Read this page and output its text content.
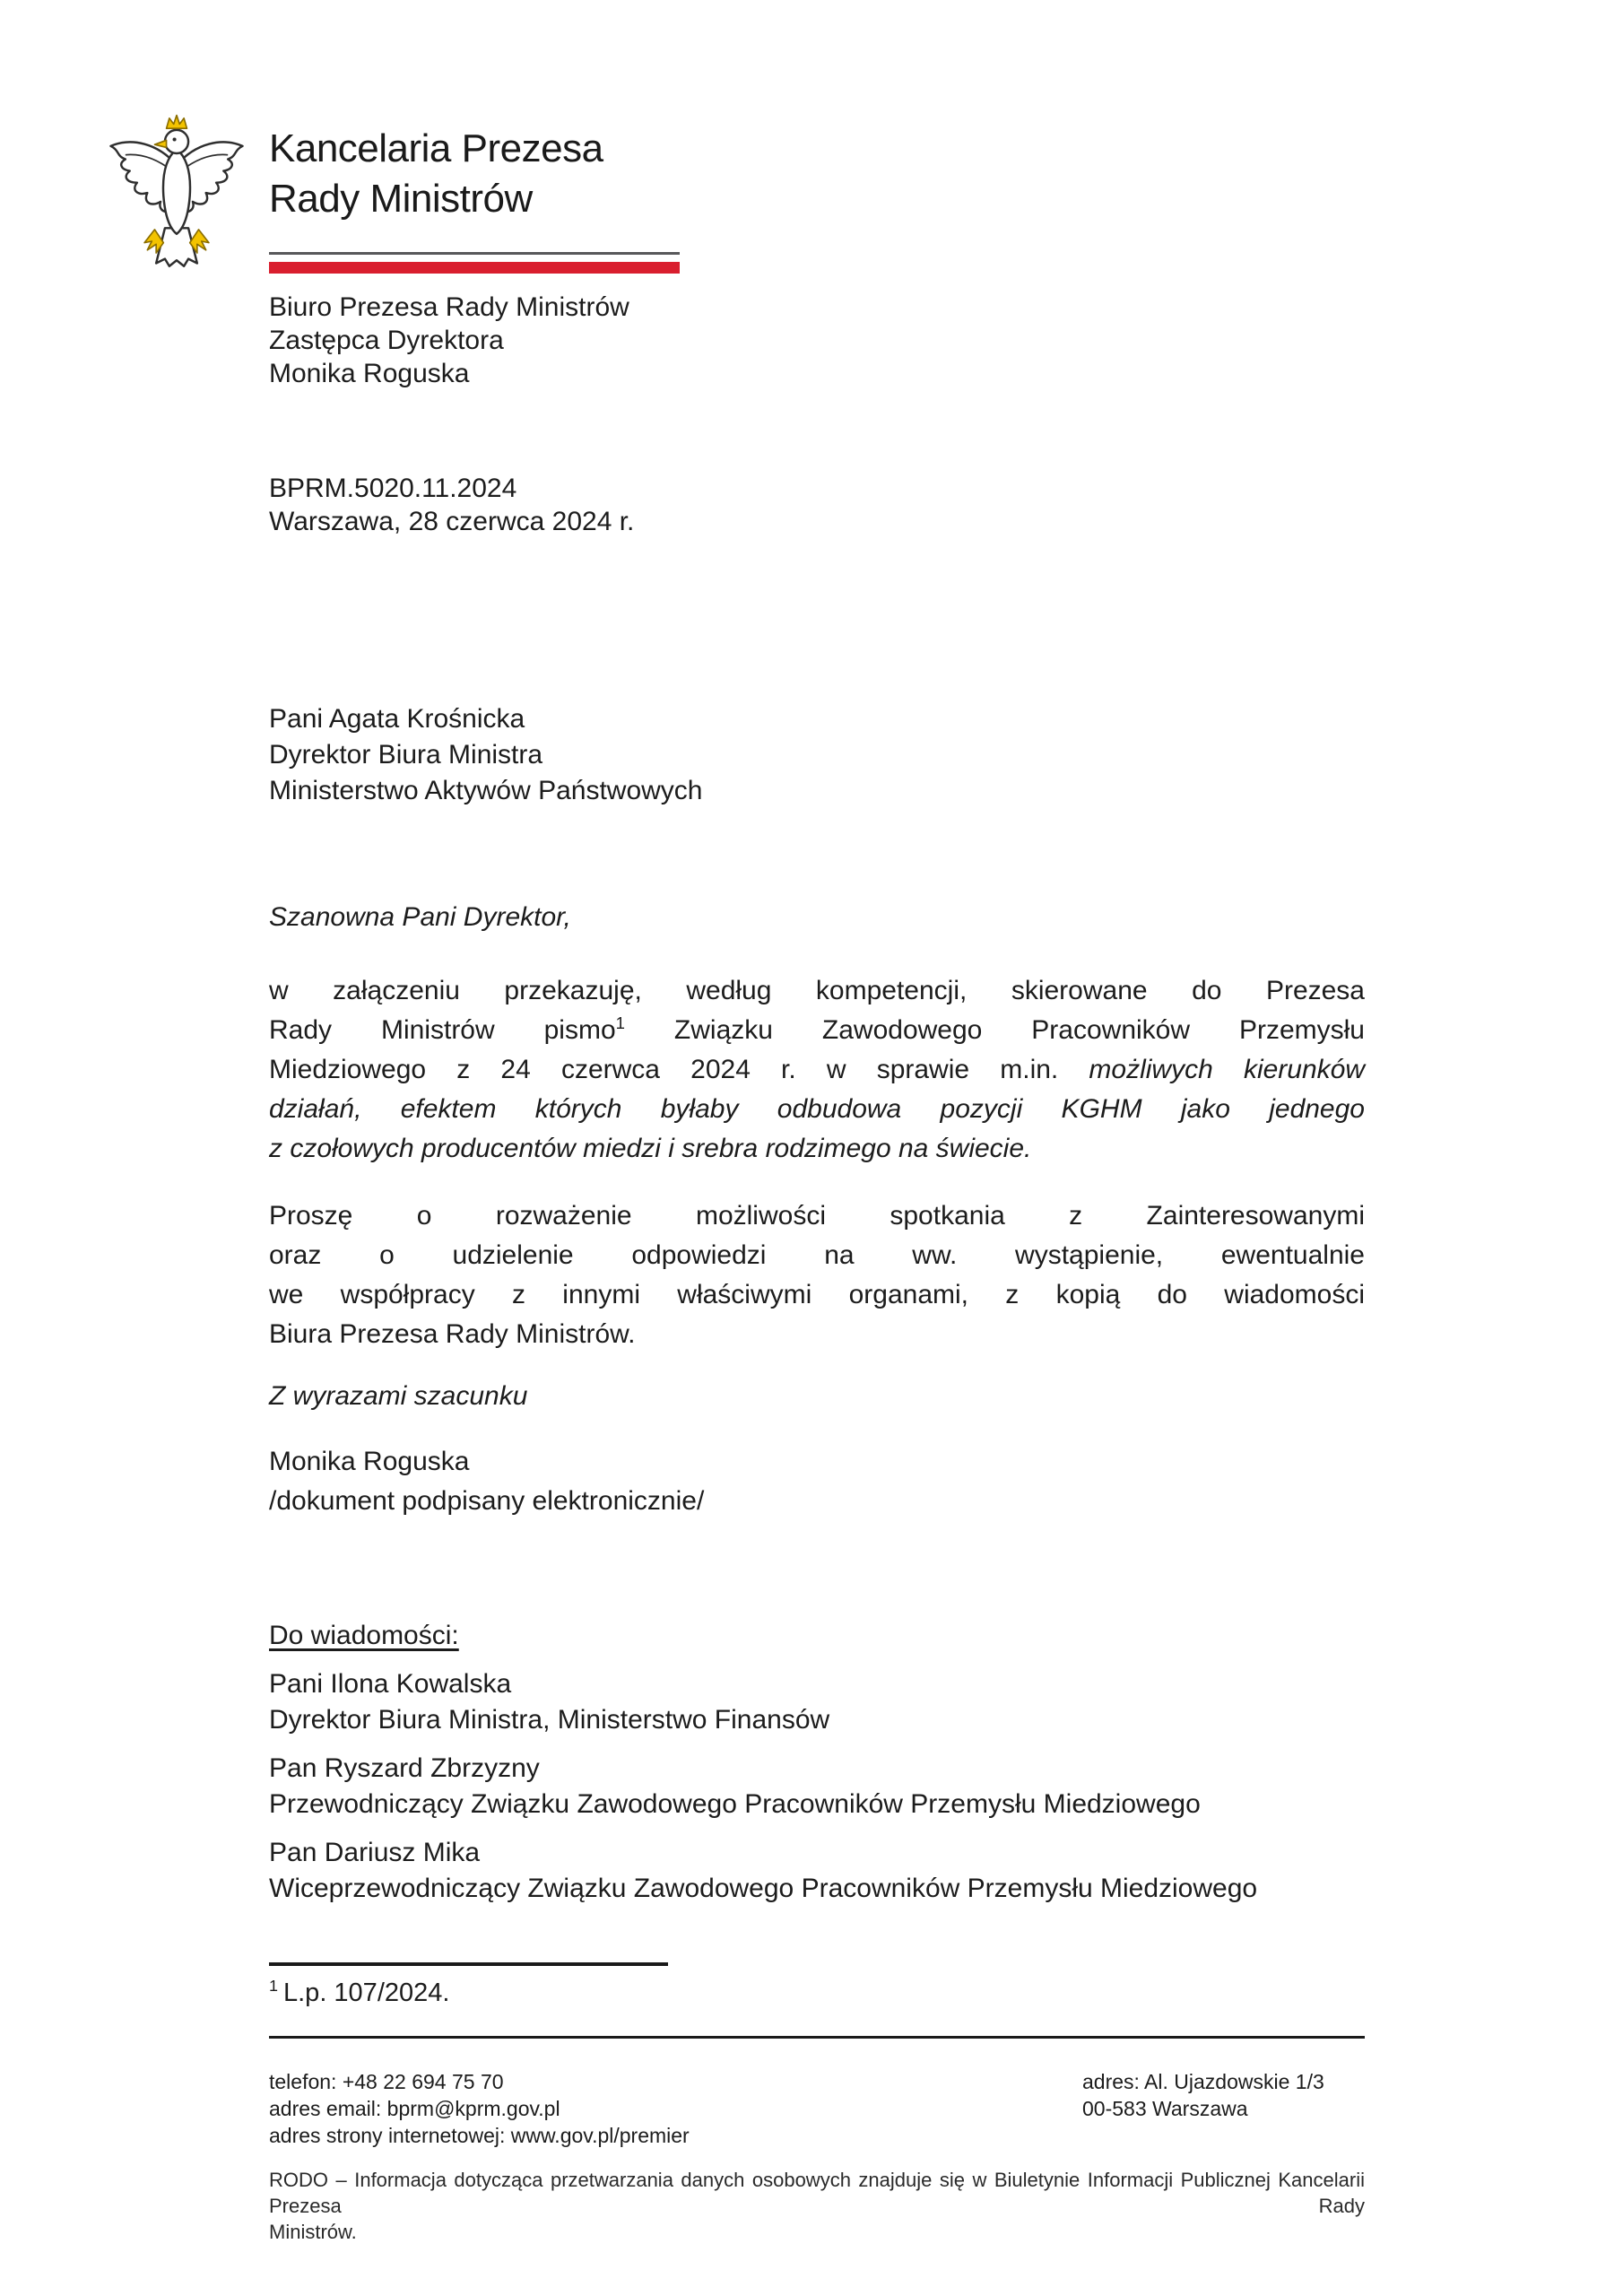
Kancelaria Prezesa
Rady Ministrów
Biuro Prezesa Rady Ministrów
Zastępca Dyrektora
Monika Roguska
BPRM.5020.11.2024
Warszawa, 28 czerwca 2024 r.
Pani Agata Krośnicka
Dyrektor Biura Ministra
Ministerstwo Aktywów Państwowych
Szanowna Pani Dyrektor,
w załączeniu przekazuję, według kompetencji, skierowane do Prezesa
Rady Ministrów pismo$^1$ Związku Zawodowego Pracowników Przemysłu
Miedziowego z 24 czerwca 2024 r. w sprawie m.in. możliwych kierunków
działań, efektem których byłaby odbudowa pozycji KGHM jako jednego
z czołowych producentów miedzi i srebra rodzimego na świecie.
Proszę o rozważenie możliwości spotkania z Zainteresowanymi
oraz o udzielenie odpowiedzi na ww. wystąpienie, ewentualnie
we współpracy z innymi właściwymi organami, z kopią do wiadomości
Biura Prezesa Rady Ministrów.
Z wyrazami szacunku
Monika Roguska
/dokument podpisany elektronicznie/
Do wiadomości:
Pani Ilona Kowalska
Dyrektor Biura Ministra, Ministerstwo Finansów
Pan Ryszard Zbrzyzny
Przewodniczący Związku Zawodowego Pracowników Przemysłu Miedziowego
Pan Dariusz Mika
Wiceprzewodniczący Związku Zawodowego Pracowników Przemysłu Miedziowego
$^1$ L.p. 107/2024.
telefon: +48 22 694 75 70
adres email: bprm@kprm.gov.pl
adres strony internetowej: www.gov.pl/premier
adres: Al. Ujazdowskie 1/3
00-583 Warszawa
RODO – Informacja dotycząca przetwarzania danych osobowych znajduje się w Biuletynie Informacji Publicznej Kancelarii Prezesa Rady
Ministrów.
